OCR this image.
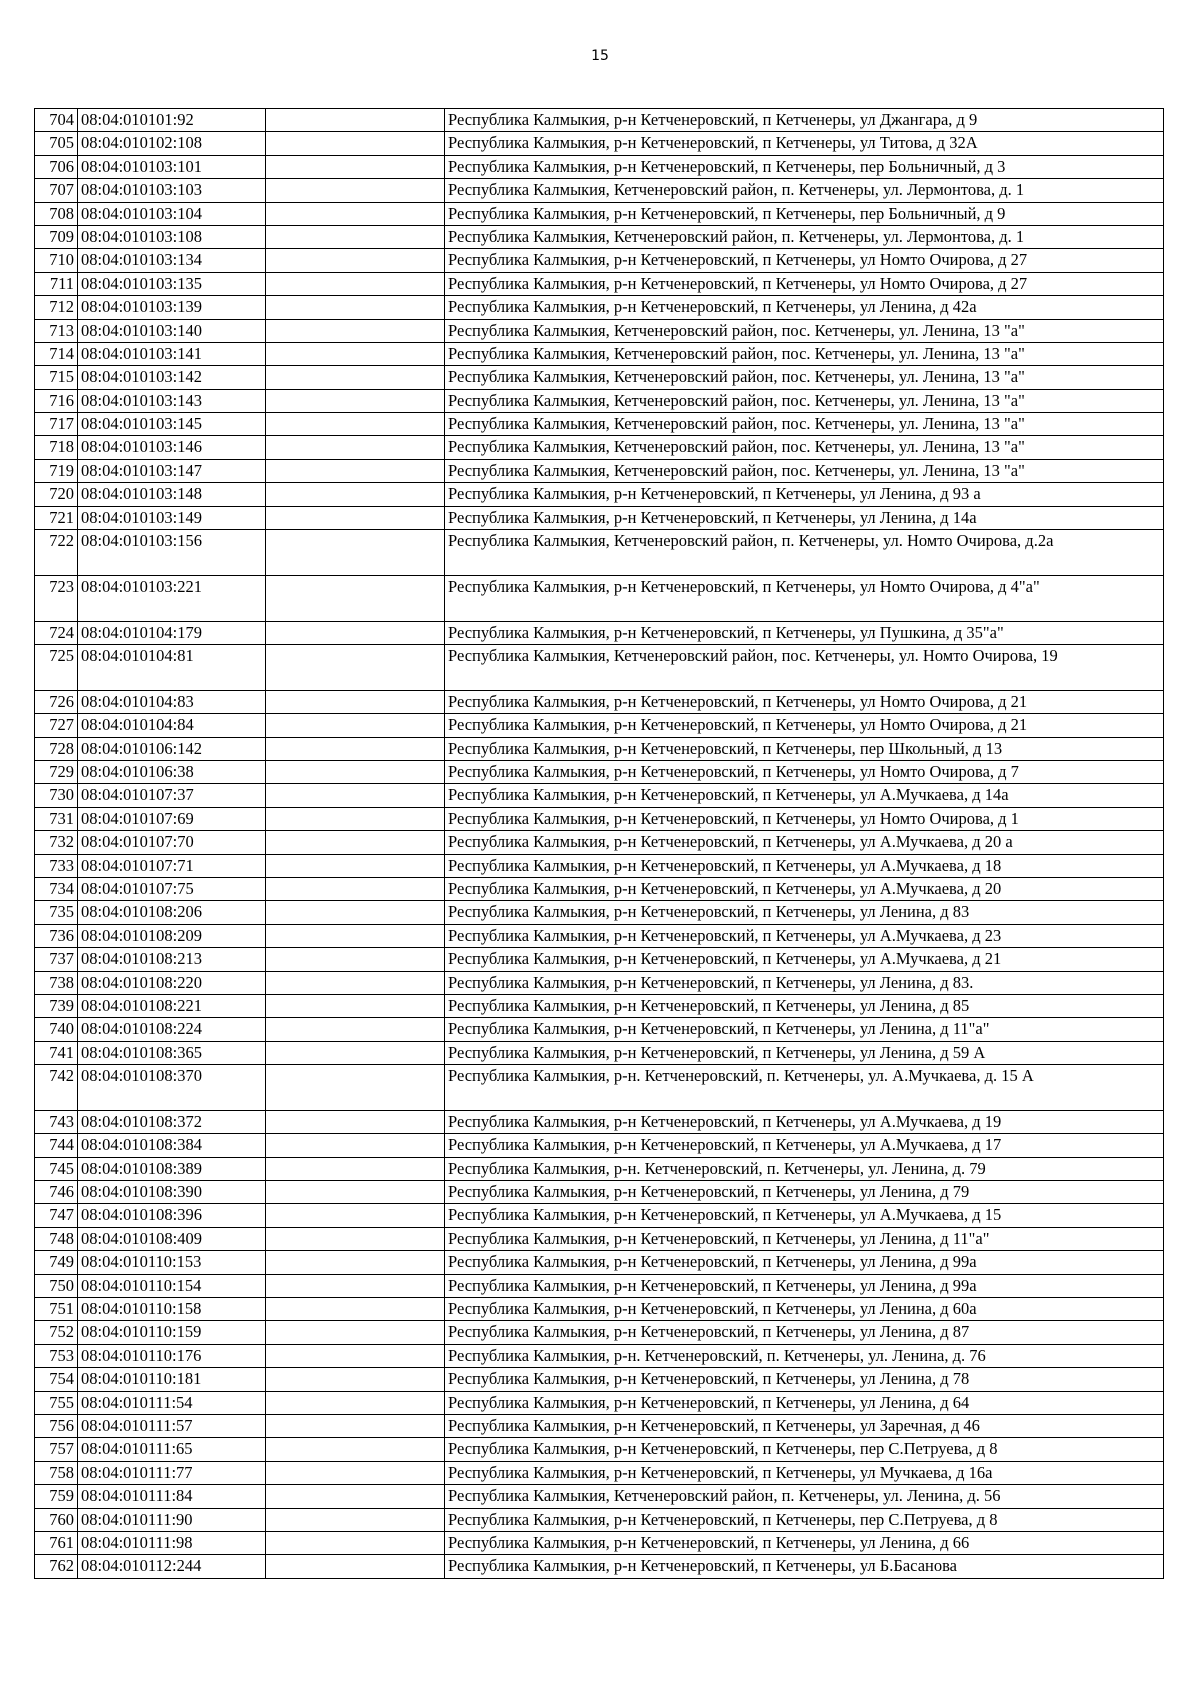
15
704	08:04:010101:92		Республика Калмыкия, р-н Кетченеровский, п Кетченеры, ул Джангара, д 9
705	08:04:010102:108		Республика Калмыкия, р-н Кетченеровский, п Кетченеры, ул Титова, д 32А
706	08:04:010103:101		Республика Калмыкия, р-н Кетченеровский, п Кетченеры, пер Больничный, д 3
707	08:04:010103:103		Республика Калмыкия, Кетченеровский район, п. Кетченеры, ул. Лермонтова, д. 1
708	08:04:010103:104		Республика Калмыкия, р-н Кетченеровский, п Кетченеры, пер Больничный, д 9
709	08:04:010103:108		Республика Калмыкия, Кетченеровский район, п. Кетченеры, ул. Лермонтова, д. 1
710	08:04:010103:134		Республика Калмыкия, р-н Кетченеровский, п Кетченеры, ул Номто Очирова, д 27
711	08:04:010103:135		Республика Калмыкия, р-н Кетченеровский, п Кетченеры, ул Номто Очирова, д 27
712	08:04:010103:139		Республика Калмыкия, р-н Кетченеровский, п Кетченеры, ул Ленина, д 42а
713	08:04:010103:140		Республика Калмыкия, Кетченеровский район, пос. Кетченеры, ул. Ленина, 13 "а"
714	08:04:010103:141		Республика Калмыкия, Кетченеровский район, пос. Кетченеры, ул. Ленина, 13 "а"
715	08:04:010103:142		Республика Калмыкия, Кетченеровский район, пос. Кетченеры, ул. Ленина, 13 "а"
716	08:04:010103:143		Республика Калмыкия, Кетченеровский район, пос. Кетченеры, ул. Ленина, 13 "а"
717	08:04:010103:145		Республика Калмыкия, Кетченеровский район, пос. Кетченеры, ул. Ленина, 13 "а"
718	08:04:010103:146		Республика Калмыкия, Кетченеровский район, пос. Кетченеры, ул. Ленина, 13 "а"
719	08:04:010103:147		Республика Калмыкия, Кетченеровский район, пос. Кетченеры, ул. Ленина, 13 "а"
720	08:04:010103:148		Республика Калмыкия, р-н Кетченеровский, п Кетченеры, ул Ленина, д 93 а
721	08:04:010103:149		Республика Калмыкия, р-н Кетченеровский, п Кетченеры, ул Ленина, д 14а
722	08:04:010103:156		Республика Калмыкия, Кетченеровский район, п. Кетченеры, ул. Номто Очирова, д.2а
723	08:04:010103:221		Республика Калмыкия, р-н Кетченеровский, п Кетченеры, ул Номто Очирова, д 4"а"
724	08:04:010104:179		Республика Калмыкия, р-н Кетченеровский, п Кетченеры, ул Пушкина, д 35"а"
725	08:04:010104:81		Республика Калмыкия, Кетченеровский район, пос. Кетченеры, ул. Номто Очирова, 19
726	08:04:010104:83		Республика Калмыкия, р-н Кетченеровский, п Кетченеры, ул Номто Очирова, д 21
727	08:04:010104:84		Республика Калмыкия, р-н Кетченеровский, п Кетченеры, ул Номто Очирова, д 21
728	08:04:010106:142		Республика Калмыкия, р-н Кетченеровский, п Кетченеры, пер Школьный, д 13
729	08:04:010106:38		Республика Калмыкия, р-н Кетченеровский, п Кетченеры, ул Номто Очирова, д 7
730	08:04:010107:37		Республика Калмыкия, р-н Кетченеровский, п Кетченеры, ул А.Мучкаева, д 14а
731	08:04:010107:69		Республика Калмыкия, р-н Кетченеровский, п Кетченеры, ул Номто Очирова, д 1
732	08:04:010107:70		Республика Калмыкия, р-н Кетченеровский, п Кетченеры, ул А.Мучкаева, д 20 а
733	08:04:010107:71		Республика Калмыкия, р-н Кетченеровский, п Кетченеры, ул А.Мучкаева, д 18
734	08:04:010107:75		Республика Калмыкия, р-н Кетченеровский, п Кетченеры, ул А.Мучкаева, д 20
735	08:04:010108:206		Республика Калмыкия, р-н Кетченеровский, п Кетченеры, ул Ленина, д 83
736	08:04:010108:209		Республика Калмыкия, р-н Кетченеровский, п Кетченеры, ул А.Мучкаева, д 23
737	08:04:010108:213		Республика Калмыкия, р-н Кетченеровский, п Кетченеры, ул А.Мучкаева, д 21
738	08:04:010108:220		Республика Калмыкия, р-н Кетченеровский, п Кетченеры, ул Ленина, д 83.
739	08:04:010108:221		Республика Калмыкия, р-н Кетченеровский, п Кетченеры, ул Ленина, д 85
740	08:04:010108:224		Республика Калмыкия, р-н Кетченеровский, п Кетченеры, ул Ленина, д 11"а"
741	08:04:010108:365		Республика Калмыкия, р-н Кетченеровский, п Кетченеры, ул Ленина, д 59 А
742	08:04:010108:370		Республика Калмыкия, р-н. Кетченеровский, п. Кетченеры, ул. А.Мучкаева, д. 15 А
743	08:04:010108:372		Республика Калмыкия, р-н Кетченеровский, п Кетченеры, ул А.Мучкаева, д 19
744	08:04:010108:384		Республика Калмыкия, р-н Кетченеровский, п Кетченеры, ул А.Мучкаева, д 17
745	08:04:010108:389		Республика Калмыкия, р-н. Кетченеровский, п. Кетченеры, ул. Ленина, д. 79
746	08:04:010108:390		Республика Калмыкия, р-н Кетченеровский, п Кетченеры, ул Ленина, д 79
747	08:04:010108:396		Республика Калмыкия, р-н Кетченеровский, п Кетченеры, ул А.Мучкаева, д 15
748	08:04:010108:409		Республика Калмыкия, р-н Кетченеровский, п Кетченеры, ул Ленина, д 11"а"
749	08:04:010110:153		Республика Калмыкия, р-н Кетченеровский, п Кетченеры, ул Ленина, д 99а
750	08:04:010110:154		Республика Калмыкия, р-н Кетченеровский, п Кетченеры, ул Ленина, д 99а
751	08:04:010110:158		Республика Калмыкия, р-н Кетченеровский, п Кетченеры, ул Ленина, д 60а
752	08:04:010110:159		Республика Калмыкия, р-н Кетченеровский, п Кетченеры, ул Ленина, д 87
753	08:04:010110:176		Республика Калмыкия, р-н. Кетченеровский, п. Кетченеры, ул. Ленина, д. 76
754	08:04:010110:181		Республика Калмыкия, р-н Кетченеровский, п Кетченеры, ул Ленина, д 78
755	08:04:010111:54		Республика Калмыкия, р-н Кетченеровский, п Кетченеры, ул Ленина, д 64
756	08:04:010111:57		Республика Калмыкия, р-н Кетченеровский, п Кетченеры, ул Заречная, д 46
757	08:04:010111:65		Республика Калмыкия, р-н Кетченеровский, п Кетченеры, пер С.Петруева, д 8
758	08:04:010111:77		Республика Калмыкия, р-н Кетченеровский, п Кетченеры, ул Мучкаева, д 16а
759	08:04:010111:84		Республика Калмыкия, Кетченеровский район, п. Кетченеры, ул. Ленина, д. 56
760	08:04:010111:90		Республика Калмыкия, р-н Кетченеровский, п Кетченеры, пер С.Петруева, д 8
761	08:04:010111:98		Республика Калмыкия, р-н Кетченеровский, п Кетченеры, ул Ленина, д 66
762	08:04:010112:244		Республика Калмыкия, р-н Кетченеровский, п Кетченеры, ул Б.Басанова
